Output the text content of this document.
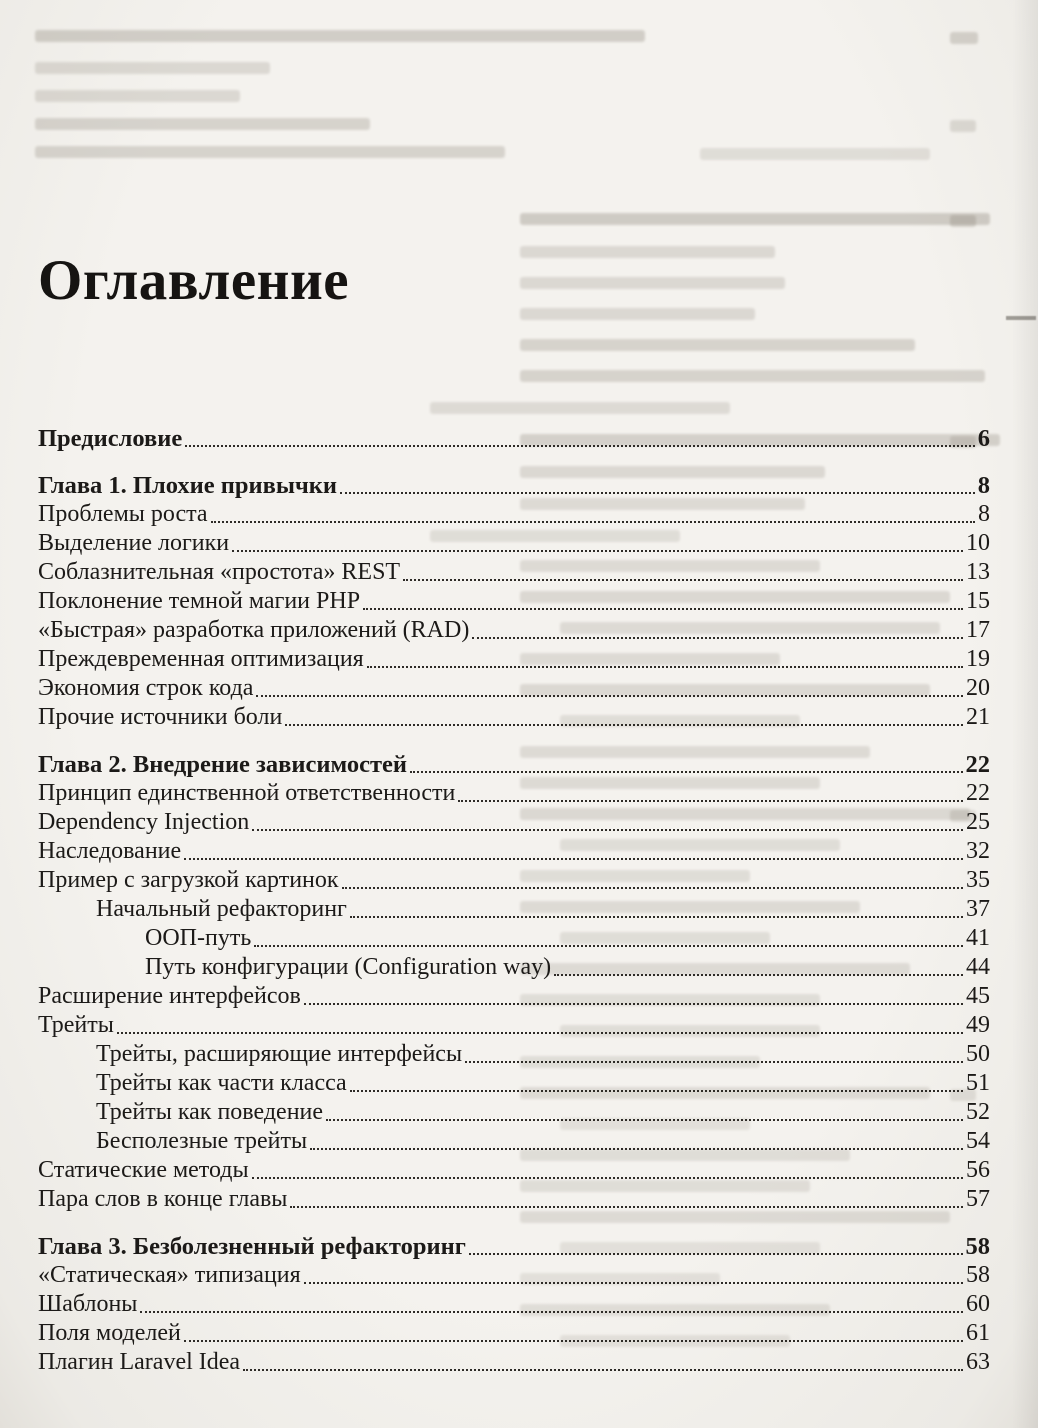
Оглавление
Предисловие	6
Глава 1. Плохие привычки	8
Проблемы роста	8
Выделение логики	10
Соблазнительная «простота» REST	13
Поклонение темной магии PHP	15
«Быстрая» разработка приложений (RAD)	17
Преждевременная оптимизация	19
Экономия строк кода	20
Прочие источники боли	21
Глава 2. Внедрение зависимостей	22
Принцип единственной ответственности	22
Dependency Injection	25
Наследование	32
Пример с загрузкой картинок	35
Начальный рефакторинг	37
ООП-путь	41
Путь конфигурации (Configuration way)	44
Расширение интерфейсов	45
Трейты	49
Трейты, расширяющие интерфейсы	50
Трейты как части класса	51
Трейты как поведение	52
Бесполезные трейты	54
Статические методы	56
Пара слов в конце главы	57
Глава 3. Безболезненный рефакторинг	58
«Статическая» типизация	58
Шаблоны	60
Поля моделей	61
Плагин Laravel Idea	63
